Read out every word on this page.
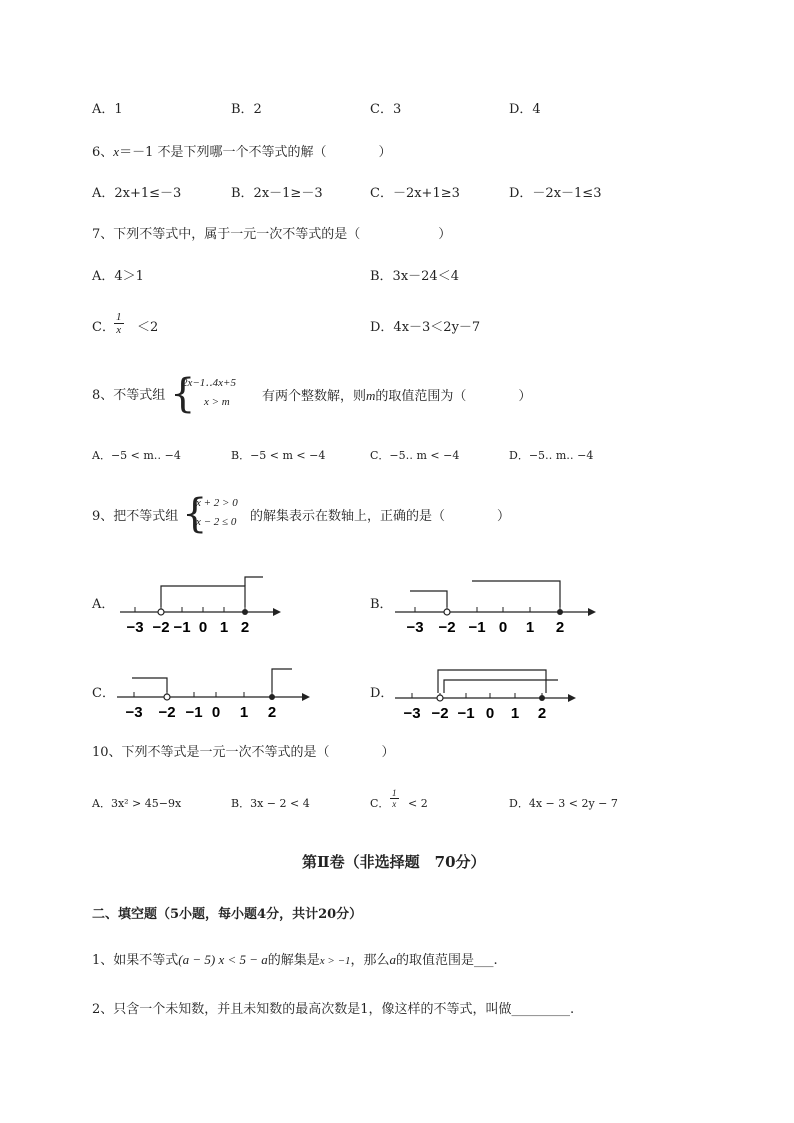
A．1	B．2	C．3	D．4
6、x＝－1 不是下列哪一个不等式的解（　　　　）
A．2x+1≤－3	B．2x－1≥－3	C．－2x+1≥3	D．－2x－1≤3
7、下列不等式中，属于一元一次不等式的是（　　　　　　）
A．4＞1	B．3x－24＜4
C． $\frac{1}{x} <2$	D．4x－3＜2y－7
8、不等式组 {
2x−1‥4x+5
x > m	有两个整数解，则m的取值范围为（　　　　）
A．−5 < m‥ −4	B．−5 < m < −4	C．−5‥ m < −4	D．−5‥ m‥ −4
9、把不等式组 {
x + 2 > 0
x − 2 ≤ 0 的解集表示在数轴上，正确的是（　　　　）
A．
−3 −2 −1 0 1 2
B．
−3 −2 −1 0 1 2
C．
−3 −2 −1 0 1 2
D．
−3 −2 −1 0 1 2
10、下列不等式是一元一次不等式的是（　　　　）
A．3x² > 45−9x	B．3x − 2 < 4	C． $\frac{1}{x} < 2$	D．4x − 3 < 2y − 7
第Ⅱ卷（非选择题　70分）
二、填空题（5小题，每小题4分，共计20分）
1、如果不等式(a − 5) x < 5 − a的解集是x > −1，那么a的取值范围是___.
2、只含一个未知数，并且未知数的最高次数是1，像这样的不等式，叫做_________.
